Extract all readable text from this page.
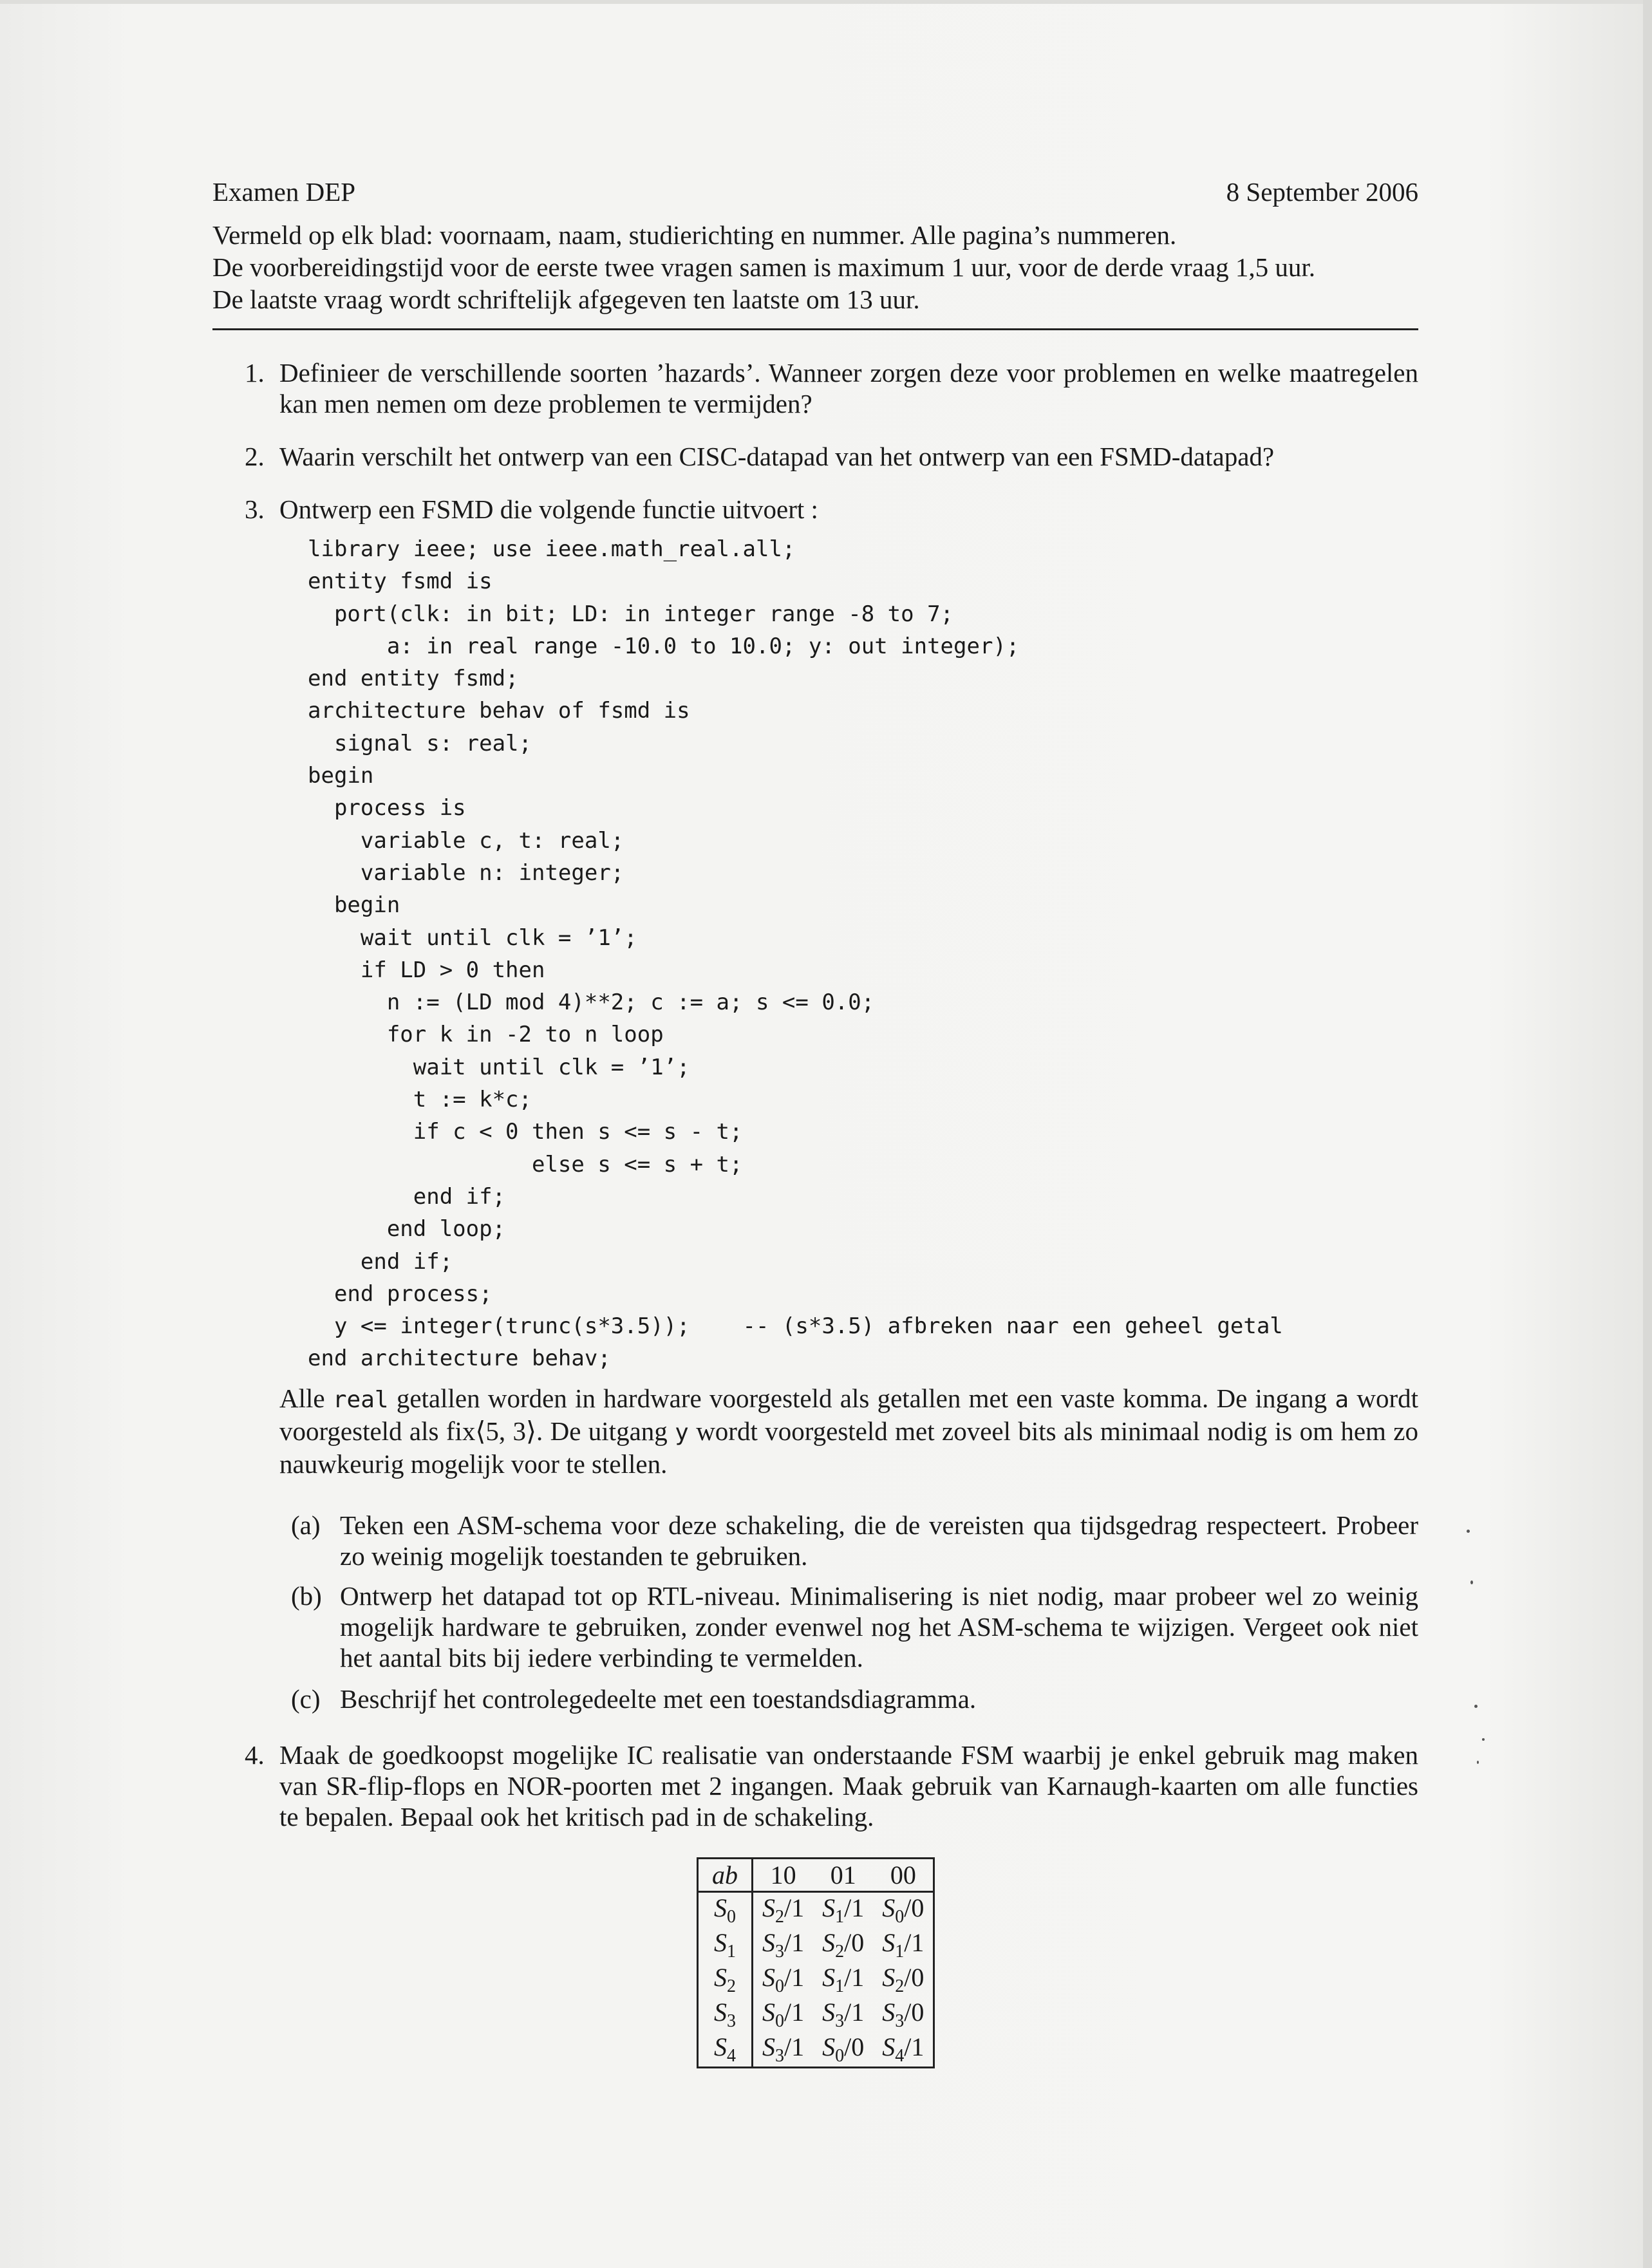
Examen DEP	8 September 2006
Vermeld op elk blad: voornaam, naam, studierichting en nummer. Alle pagina’s nummeren.
De voorbereidingstijd voor de eerste twee vragen samen is maximum 1 uur, voor de derde vraag 1,5 uur.
De laatste vraag wordt schriftelijk afgegeven ten laatste om 13 uur.
1. Definieer de verschillende soorten ’hazards’. Wanneer zorgen deze voor problemen en welke maatregelen kan men nemen om deze problemen te vermijden?
2. Waarin verschilt het ontwerp van een CISC-datapad van het ontwerp van een FSMD-datapad?
3. Ontwerp een FSMD die volgende functie uitvoert :
library ieee; use ieee.math_real.all;
entity fsmd is
port(clk: in bit; LD: in integer range -8 to 7;
a: in real range -10.0 to 10.0; y: out integer);
end entity fsmd;
architecture behav of fsmd is
signal s: real;
begin
process is
variable c, t: real;
variable n: integer;
begin
wait until clk = ’1’;
if LD > 0 then
n := (LD mod 4)**2; c := a; s <= 0.0;
for k in -2 to n loop
wait until clk = ’1’;
t := k*c;
if c < 0 then s <= s - t;
else s <= s + t;
end if;
end loop;
end if;
end process;
y <= integer(trunc(s*3.5));    -- (s*3.5) afbreken naar een geheel getal
end architecture behav;
Alle real getallen worden in hardware voorgesteld als getallen met een vaste komma. De ingang a wordt voorgesteld als fix⟨5, 3⟩. De uitgang y wordt voorgesteld met zoveel bits als minimaal nodig is om hem zo nauwkeurig mogelijk voor te stellen.
(a) Teken een ASM-schema voor deze schakeling, die de vereisten qua tijdsgedrag respecteert. Probeer zo weinig mogelijk toestanden te gebruiken.
(b) Ontwerp het datapad tot op RTL-niveau. Minimalisering is niet nodig, maar probeer wel zo weinig mogelijk hardware te gebruiken, zonder evenwel nog het ASM-schema te wijzigen. Vergeet ook niet het aantal bits bij iedere verbinding te vermelden.
(c) Beschrijf het controlegedeelte met een toestandsdiagramma.
4. Maak de goedkoopst mogelijke IC realisatie van onderstaande FSM waarbij je enkel gebruik mag maken van SR-flip-flops en NOR-poorten met 2 ingangen. Maak gebruik van Karnaugh-kaarten om alle functies te bepalen. Bepaal ook het kritisch pad in de schakeling.
ab	10	01	00
$S_0$	$S_2/1$	$S_1/1$	$S_0/0$
$S_1$	$S_3/1$	$S_2/0$	$S_1/1$
$S_2$	$S_0/1$	$S_1/1$	$S_2/0$
$S_3$	$S_0/1$	$S_3/1$	$S_3/0$
$S_4$	$S_3/1$	$S_0/0$	$S_4/1$
